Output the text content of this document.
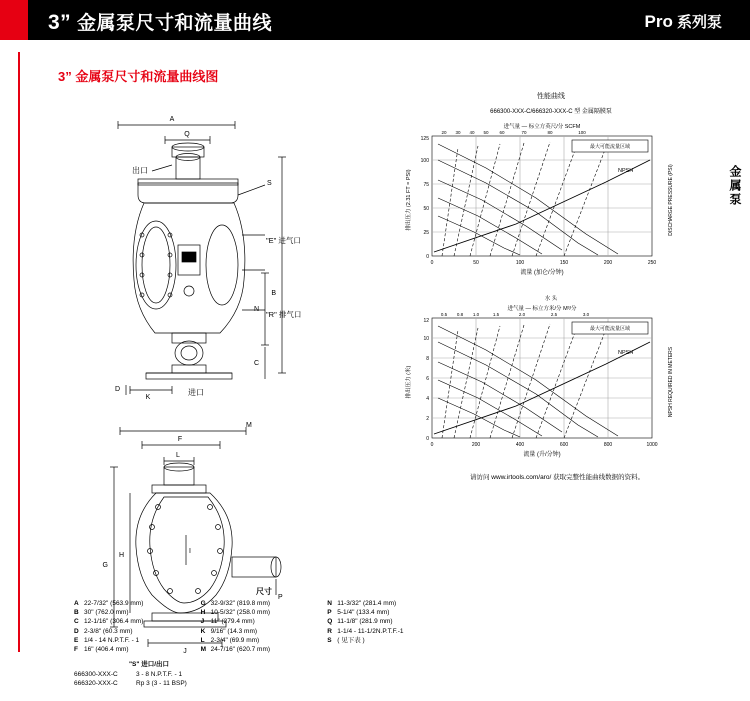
3” 金属泵尺寸和流量曲线	Pro 系列泵
3” 金属泵尺寸和流量曲线图
金属泵
A
Q
S
B
N
C
D
K
出口
进口
"E" 进气口
"R" 排气口
M
F
L
I
P
G
H
J
性能曲线
666300-XXX-C/666320-XXX-C 型 金属隔膜泵
最大可能流量区域
NPSH
排出压力 (2.31 FT = PSI)	DISCHARGE PRESSURE (PSI)
流量 (加仑/分钟)
进气量 — 标立方英尺/分 SCFM
0
25
50
75
100
125
0	50	100	150	200	250
20 30 40 50 60	70	80	100
水 头
最大可能流量区域
NPSH
排出压力 (米)	NPSH REQUIRED IN METERS
流量 (升/分钟)
进气量 — 标立方米/分 M³/分
0
2
4
6
8
10
12
0	200	400	600	800	1000
0.5 0.8 1.0	1.5	2.0	2.5	3.0
请访问 www.irtools.com/aro/ 获取完整性能曲线数据的资料。
尺寸
A 22-7/32" (563.9 mm)
B 30" (762.0 mm)
C 12-1/16" (306.4 mm)
D 2-3/8" (60.3 mm)
E 1/4 - 14 N.P.T.F. - 1
F 16" (406.4 mm)
G 32-9/32" (819.8 mm)
H 10-5/32" (258.0 mm)
J 11" (279.4 mm)
K 9/16" (14.3 mm)
L 2-3/4" (69.9 mm)
M 24-7/16" (620.7 mm)
N 11-3/32" (281.4 mm)
P 5-1/4" (133.4 mm)
Q 11-1/8" (281.9 mm)
R 1-1/4 - 11-1/2N.P.T.F.-1
S ( 见下表 )
"S" 进口/出口
666300-XXX-C	3 - 8 N.P.T.F. - 1
666320-XXX-C	Rp 3 (3 - 11 BSP)
